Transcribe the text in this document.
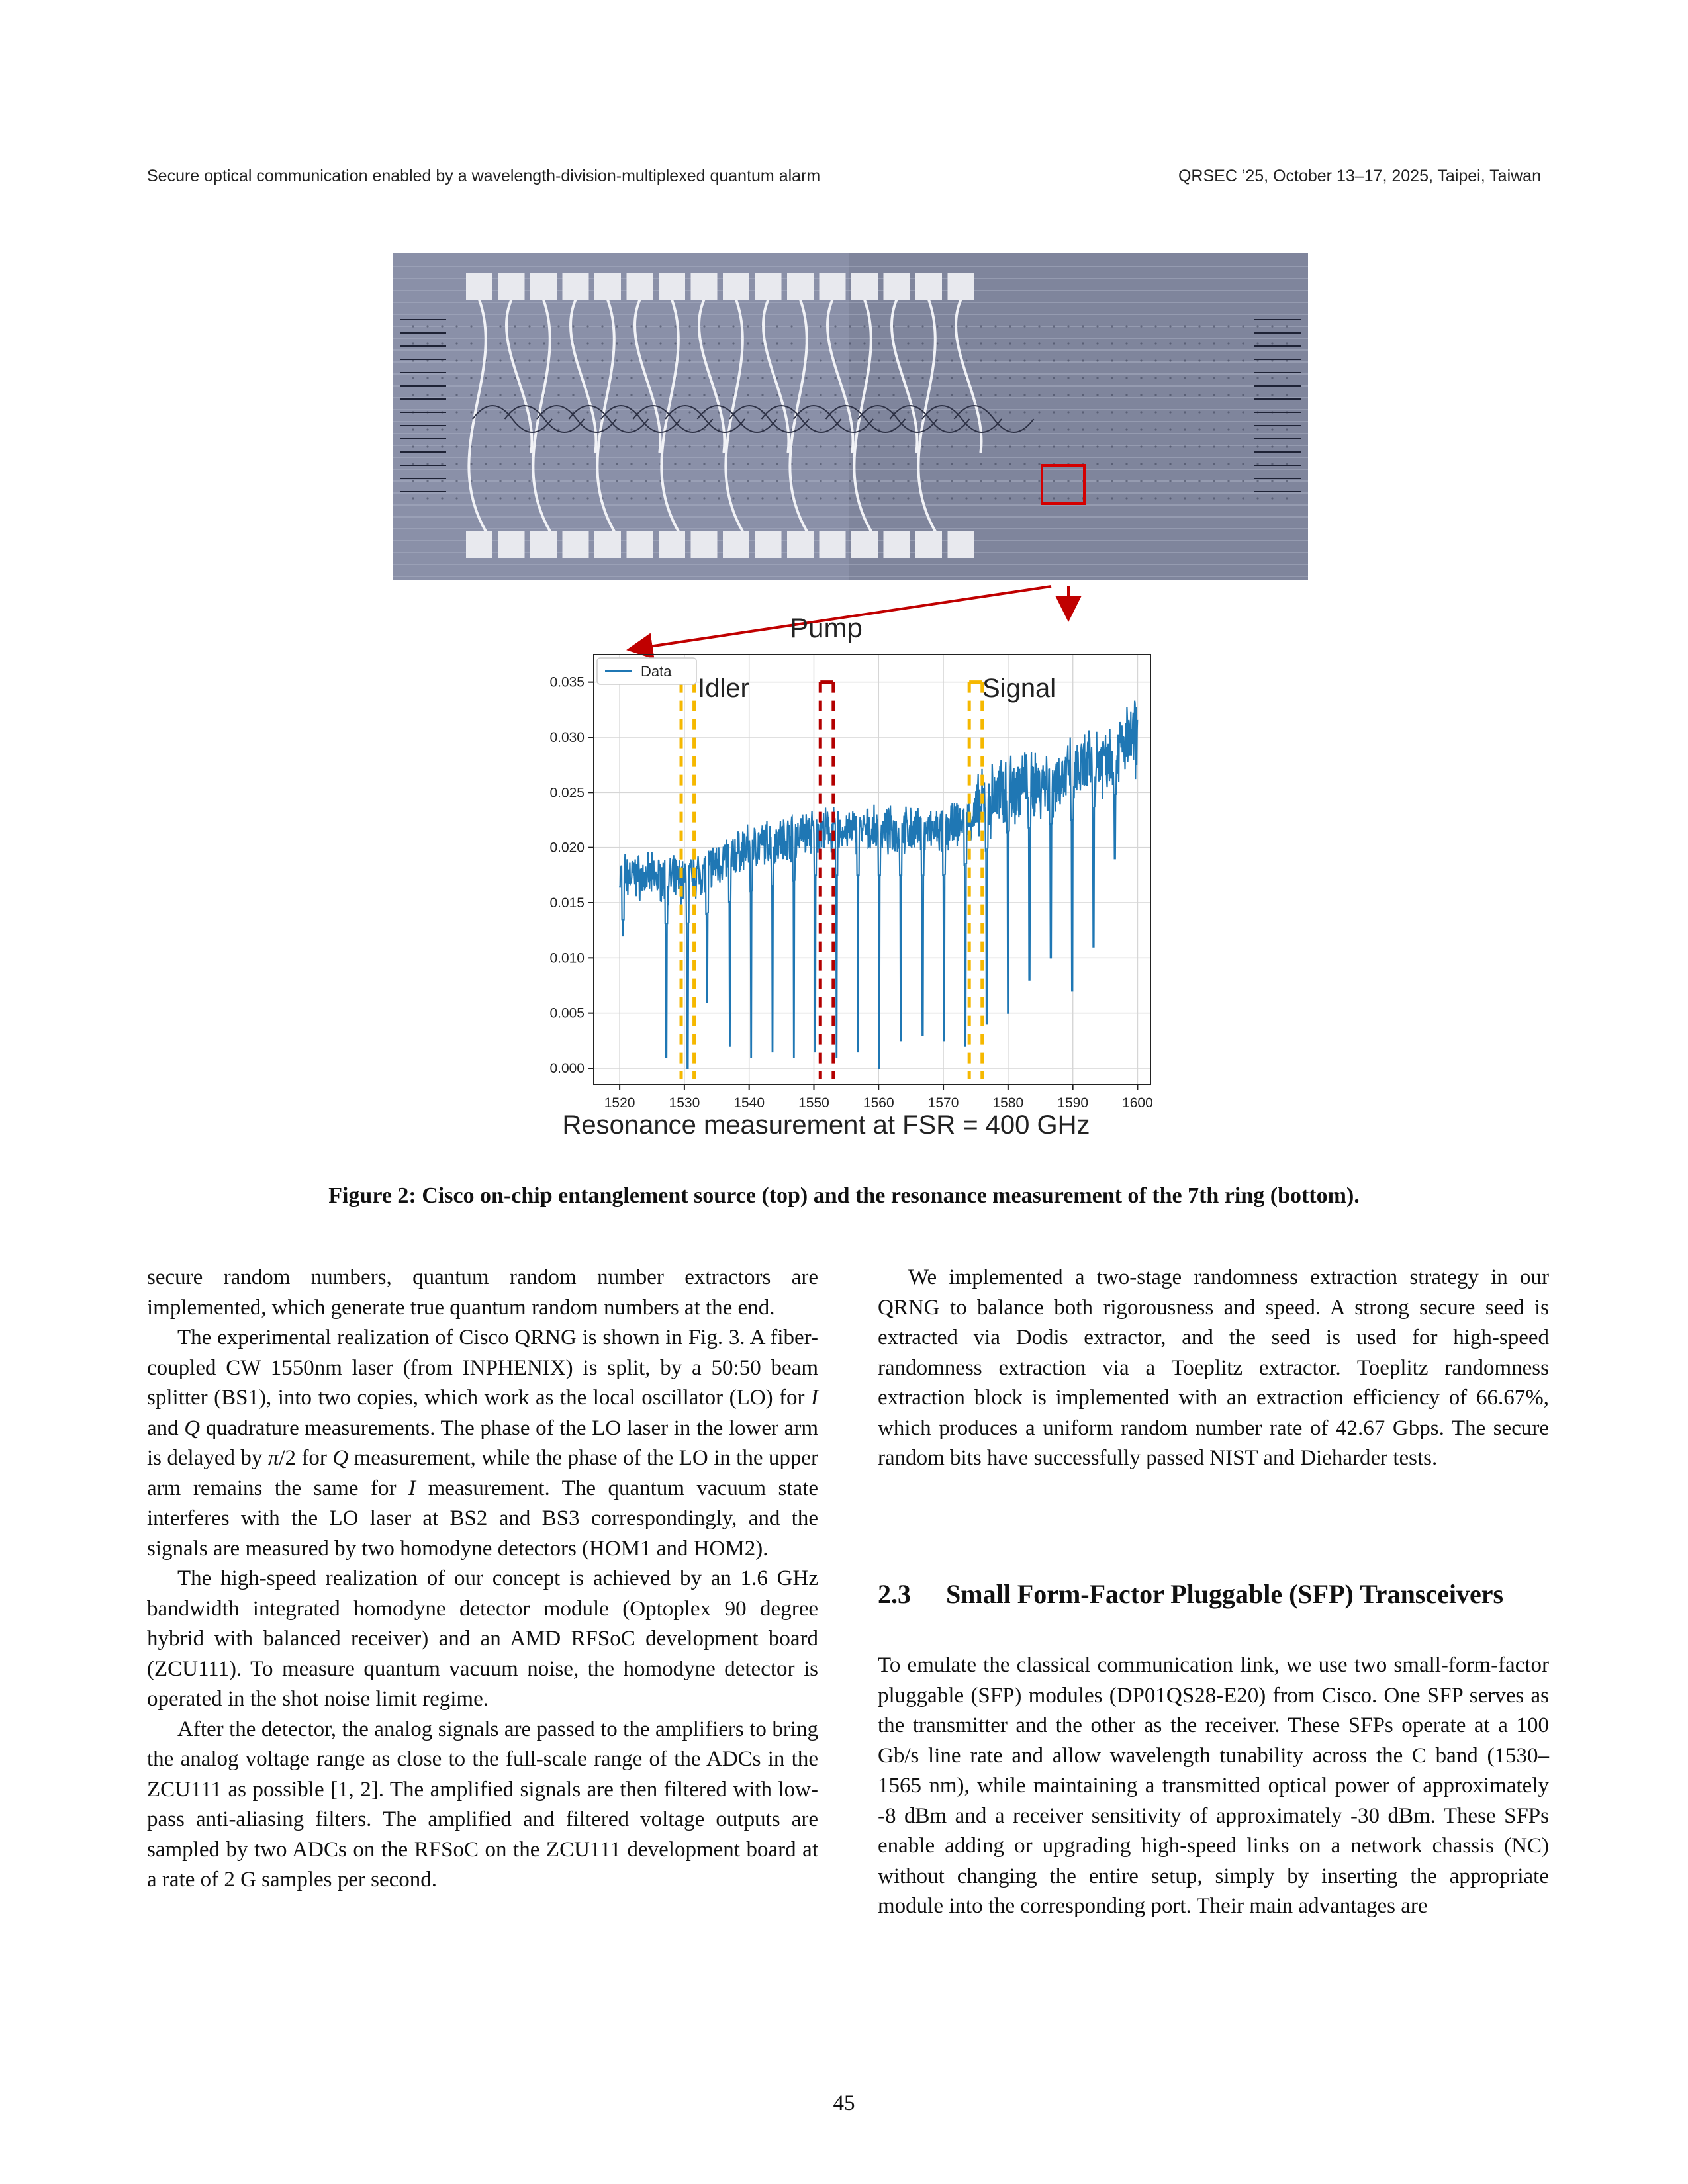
Secure optical communication enabled by a wavelength-division-multiplexed quantum alarm	QRSEC ’25, October 13–17, 2025, Taipei, Taiwan
Pump
1520 1530 1540 1550 1560 1570 1580 1590 1600
0.000
0.005
0.010
0.015
0.020
0.025
0.030
0.035
Data
Idler	Signal
Resonance measurement at FSR = 400 GHz
Figure 2: Cisco on-chip entanglement source (top) and the resonance measurement of the 7th ring (bottom).

secure random numbers, quantum random number extractors are implemented, which generate true quantum random numbers at the end.

The experimental realization of Cisco QRNG is shown in Fig. 3. A fiber-coupled CW 1550nm laser (from INPHENIX) is split, by a 50:50 beam splitter (BS1), into two copies, which work as the local oscillator (LO) for I and Q quadrature measurements. The phase of the LO laser in the lower arm is delayed by π/2 for Q measurement, while the phase of the LO in the upper arm remains the same for I measurement. The quantum vacuum state interferes with the LO laser at BS2 and BS3 correspondingly, and the signals are measured by two homodyne detectors (HOM1 and HOM2).

The high-speed realization of our concept is achieved by an 1.6 GHz bandwidth integrated homodyne detector module (Optoplex 90 degree hybrid with balanced receiver) and an AMD RFSoC development board (ZCU111). To measure quantum vacuum noise, the homodyne detector is operated in the shot noise limit regime.

After the detector, the analog signals are passed to the amplifiers to bring the analog voltage range as close to the full-scale range of the ADCs in the ZCU111 as possible [1, 2]. The amplified signals are then filtered with low-pass anti-aliasing filters. The amplified and filtered voltage outputs are sampled by two ADCs on the RFSoC on the ZCU111 development board at a rate of 2 G samples per second.

We implemented a two-stage randomness extraction strategy in our QRNG to balance both rigorousness and speed. A strong secure seed is extracted via Dodis extractor, and the seed is used for high-speed randomness extraction via a Toeplitz extractor. Toeplitz randomness extraction block is implemented with an extraction efficiency of 66.67%, which produces a uniform random number rate of 42.67 Gbps. The secure random bits have successfully passed NIST and Dieharder tests.

2.3 Small Form-Factor Pluggable (SFP) Transceivers

To emulate the classical communication link, we use two small-form-factor pluggable (SFP) modules (DP01QS28-E20) from Cisco. One SFP serves as the transmitter and the other as the receiver. These SFPs operate at a 100 Gb/s line rate and allow wavelength tunability across the C band (1530–1565 nm), while maintaining a transmitted optical power of approximately -8 dBm and a receiver sensitivity of approximately -30 dBm. These SFPs enable adding or upgrading high-speed links on a network chassis (NC) without changing the entire setup, simply by inserting the appropriate module into the corresponding port. Their main advantages are

45
